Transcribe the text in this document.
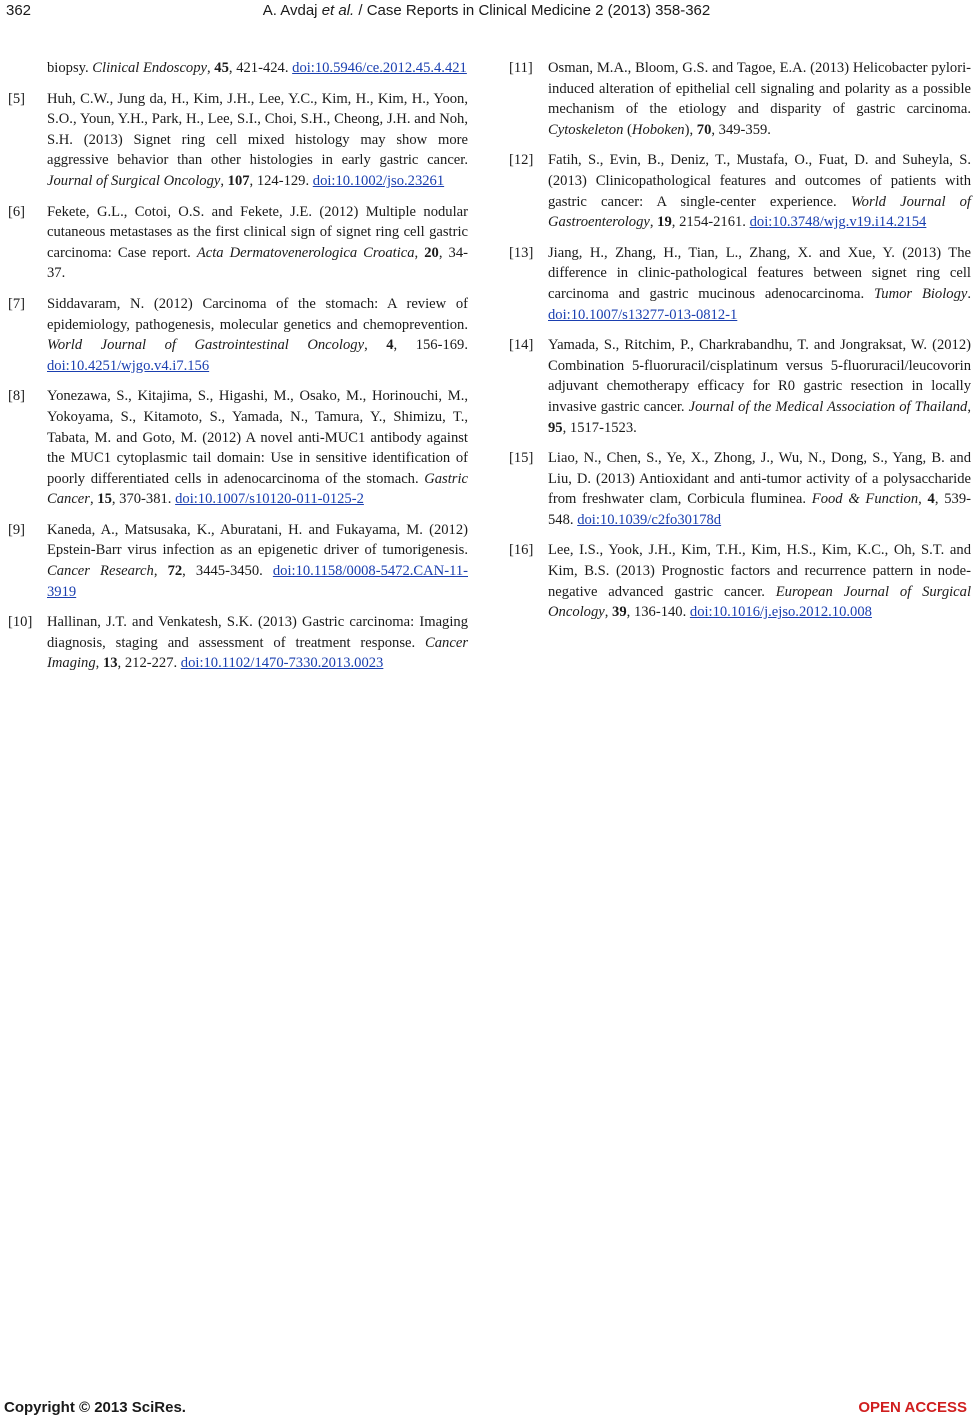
362	A. Avdaj et al. / Case Reports in Clinical Medicine 2 (2013) 358-362
biopsy. Clinical Endoscopy, 45, 421-424. doi:10.5946/ce.2012.45.4.421
[5] Huh, C.W., Jung da, H., Kim, J.H., Lee, Y.C., Kim, H., Kim, H., Yoon, S.O., Youn, Y.H., Park, H., Lee, S.I., Choi, S.H., Cheong, J.H. and Noh, S.H. (2013) Signet ring cell mixed histology may show more aggressive behavior than other histologies in early gastric cancer. Journal of Surgical Oncology, 107, 124-129. doi:10.1002/jso.23261
[6] Fekete, G.L., Cotoi, O.S. and Fekete, J.E. (2012) Multiple nodular cutaneous metastases as the first clinical sign of signet ring cell gastric carcinoma: Case report. Acta Dermatovenerologica Croatica, 20, 34-37.
[7] Siddavaram, N. (2012) Carcinoma of the stomach: A review of epidemiology, pathogenesis, molecular genetics and chemoprevention. World Journal of Gastrointestinal Oncology, 4, 156-169. doi:10.4251/wjgo.v4.i7.156
[8] Yonezawa, S., Kitajima, S., Higashi, M., Osako, M., Horinouchi, M., Yokoyama, S., Kitamoto, S., Yamada, N., Tamura, Y., Shimizu, T., Tabata, M. and Goto, M. (2012) A novel anti-MUC1 antibody against the MUC1 cytoplasmic tail domain: Use in sensitive identification of poorly differentiated cells in adenocarcinoma of the stomach. Gastric Cancer, 15, 370-381. doi:10.1007/s10120-011-0125-2
[9] Kaneda, A., Matsusaka, K., Aburatani, H. and Fukayama, M. (2012) Epstein-Barr virus infection as an epigenetic driver of tumorigenesis. Cancer Research, 72, 3445-3450. doi:10.1158/0008-5472.CAN-11-3919
[10] Hallinan, J.T. and Venkatesh, S.K. (2013) Gastric carcinoma: Imaging diagnosis, staging and assessment of treatment response. Cancer Imaging, 13, 212-227. doi:10.1102/1470-7330.2013.0023
[11] Osman, M.A., Bloom, G.S. and Tagoe, E.A. (2013) Helicobacter pylori-induced alteration of epithelial cell signaling and polarity as a possible mechanism of the etiology and disparity of gastric carcinoma. Cytoskeleton (Hoboken), 70, 349-359.
[12] Fatih, S., Evin, B., Deniz, T., Mustafa, O., Fuat, D. and Suheyla, S. (2013) Clinicopathological features and outcomes of patients with gastric cancer: A single-center experience. World Journal of Gastroenterology, 19, 2154-2161. doi:10.3748/wjg.v19.i14.2154
[13] Jiang, H., Zhang, H., Tian, L., Zhang, X. and Xue, Y. (2013) The difference in clinic-pathological features between signet ring cell carcinoma and gastric mucinous adenocarcinoma. Tumor Biology. doi:10.1007/s13277-013-0812-1
[14] Yamada, S., Ritchim, P., Charkrabandhu, T. and Jongraksat, W. (2012) Combination 5-fluoruracil/cisplatinum versus 5-fluoruracil/leucovorin adjuvant chemotherapy efficacy for R0 gastric resection in locally invasive gastric cancer. Journal of the Medical Association of Thailand, 95, 1517-1523.
[15] Liao, N., Chen, S., Ye, X., Zhong, J., Wu, N., Dong, S., Yang, B. and Liu, D. (2013) Antioxidant and anti-tumor activity of a polysaccharide from freshwater clam, Corbicula fluminea. Food & Function, 4, 539-548. doi:10.1039/c2fo30178d
[16] Lee, I.S., Yook, J.H., Kim, T.H., Kim, H.S., Kim, K.C., Oh, S.T. and Kim, B.S. (2013) Prognostic factors and recurrence pattern in node-negative advanced gastric cancer. European Journal of Surgical Oncology, 39, 136-140. doi:10.1016/j.ejso.2012.10.008
Copyright © 2013 SciRes.	OPEN ACCESS
